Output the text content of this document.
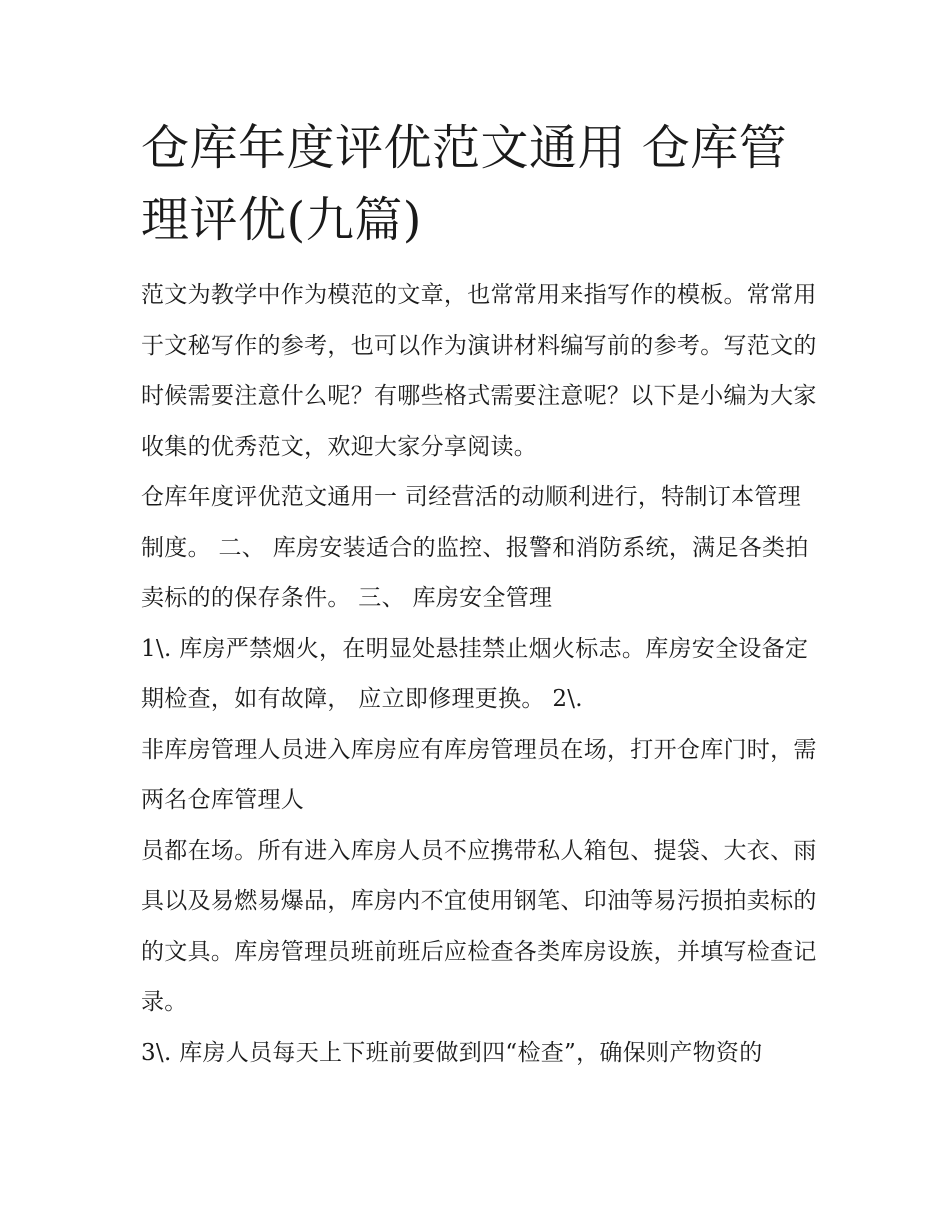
仓库年度评优范文通用 仓库管理评优(九篇)

范文为教学中作为模范的文章，也常常用来指写作的模板。常常用于文秘写作的参考，也可以作为演讲材料编写前的参考。写范文的时候需要注意什么呢？有哪些格式需要注意呢？以下是小编为大家收集的优秀范文，欢迎大家分享阅读。

仓库年度评优范文通用一 司经营活的动顺利进行，特制订本管理制度。 二、 库房安装适合的监控、报警和消防系统，满足各类拍卖标的的保存条件。 三、 库房安全管理

1\. 库房严禁烟火，在明显处悬挂禁止烟火标志。库房安全设备定期检查，如有故障， 应立即修理更换。 2\.

非库房管理人员进入库房应有库房管理员在场，打开仓库门时，需两名仓库管理人

员都在场。所有进入库房人员不应携带私人箱包、提袋、大衣、雨具以及易燃易爆品，库房内不宜使用钢笔、印油等易污损拍卖标的的文具。库房管理员班前班后应检查各类库房设族，并填写检查记录。

3\. 库房人员每天上下班前要做到四“检查”，确保则产物资的
